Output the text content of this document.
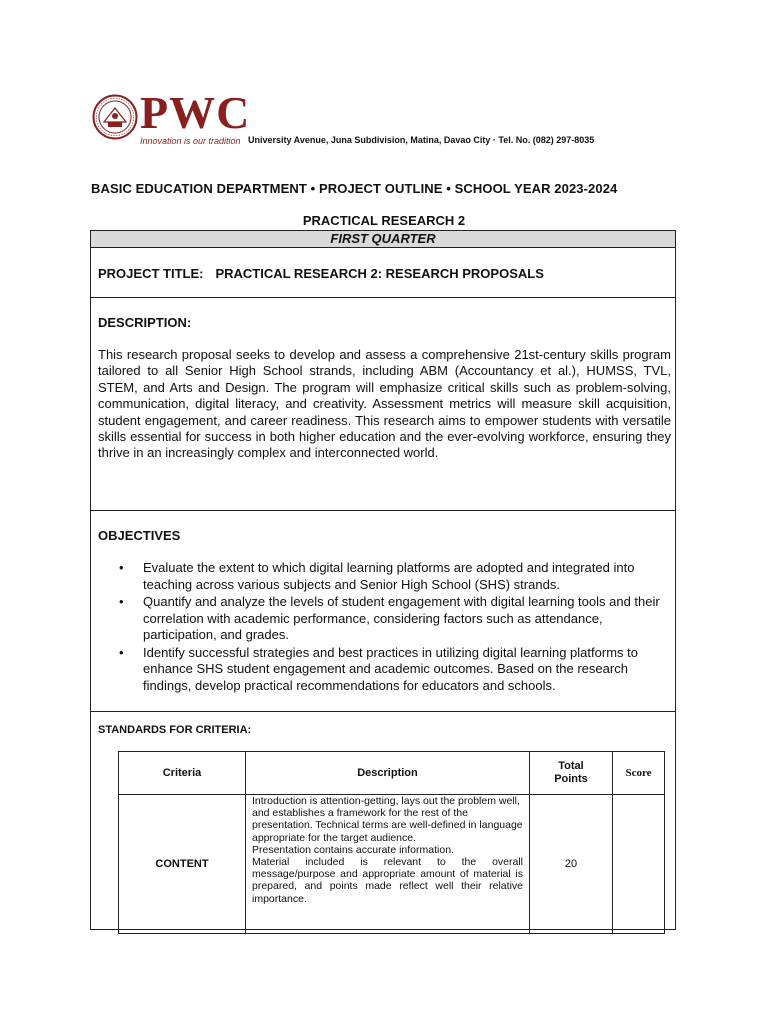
PWC
Innovation is our tradition University Avenue, Juna Subdivision, Matina, Davao City · Tel. No. (082) 297-8035
BASIC EDUCATION DEPARTMENT • PROJECT OUTLINE • SCHOOL YEAR 2023-2024
PRACTICAL RESEARCH 2
FIRST QUARTER
PROJECT TITLE: PRACTICAL RESEARCH 2: RESEARCH PROPOSALS
DESCRIPTION:
This research proposal seeks to develop and assess a comprehensive 21st-century skills program tailored to all Senior High School strands, including ABM (Accountancy et al.), HUMSS, TVL, STEM, and Arts and Design. The program will emphasize critical skills such as problem-solving, communication, digital literacy, and creativity. Assessment metrics will measure skill acquisition, student engagement, and career readiness. This research aims to empower students with versatile skills essential for success in both higher education and the ever-evolving workforce, ensuring they thrive in an increasingly complex and interconnected world.
OBJECTIVES
• Evaluate the extent to which digital learning platforms are adopted and integrated into teaching across various subjects and Senior High School (SHS) strands.
• Quantify and analyze the levels of student engagement with digital learning tools and their correlation with academic performance, considering factors such as attendance, participation, and grades.
• Identify successful strategies and best practices in utilizing digital learning platforms to enhance SHS student engagement and academic outcomes. Based on the research findings, develop practical recommendations for educators and schools.
STANDARDS FOR CRITERIA:
Criteria	Description	Total Points	Score
CONTENT	Introduction is attention-getting, lays out the problem well,
and establishes a framework for the rest of the presentation. Technical terms are well-defined in language appropriate for the target audience.
Presentation contains accurate information.
Material included is relevant to the overall message/purpose and appropriate amount of material is prepared, and points made reflect well their relative importance.	20	
